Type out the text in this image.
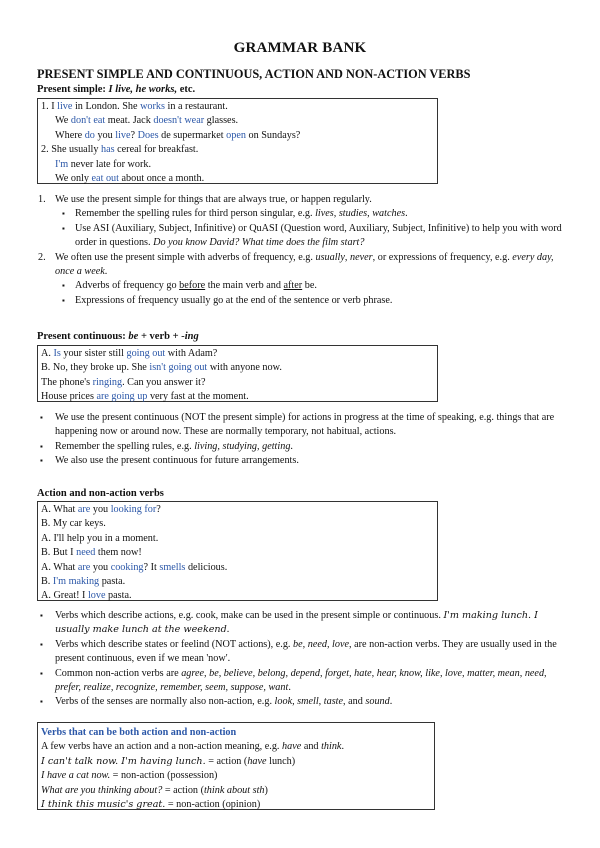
GRAMMAR BANK
PRESENT SIMPLE AND CONTINUOUS, ACTION AND NON-ACTION VERBS
Present simple: I live, he works, etc.
1. I live in London. She works in a restaurant.
We don't eat meat. Jack doesn't wear glasses.
Where do you live? Does de supermarket open on Sundays?
2. She usually has cereal for breakfast.
I'm never late for work.
We only eat out about once a month.
1. We use the present simple for things that are always true, or happen regularly.
▪ Remember the spelling rules for third person singular, e.g. lives, studies, watches.
▪ Use ASI (Auxiliary, Subject, Infinitive) or QuASI (Question word, Auxiliary, Subject, Infinitive) to help you with word order in questions. Do you know David? What time does the film start?
2. We often use the present simple with adverbs of frequency, e.g. usually, never, or expressions of frequency, e.g. every day, once a week.
▪ Adverbs of frequency go before the main verb and after be.
▪ Expressions of frequency usually go at the end of the sentence or verb phrase.
Present continuous: be + verb + -ing
A. Is your sister still going out with Adam?
B. No, they broke up. She isn't going out with anyone now.
The phone's ringing. Can you answer it?
House prices are going up very fast at the moment.
▪ We use the present continuous (NOT the present simple) for actions in progress at the time of speaking, e.g. things that are happening now or around now. These are normally temporary, not habitual, actions.
▪ Remember the spelling rules, e.g. living, studying, getting.
▪ We also use the present continuous for future arrangements.
Action and non-action verbs
A. What are you looking for?
B. My car keys.
A. I'll help you in a moment.
B. But I need them now!
A. What are you cooking? It smells delicious.
B. I'm making pasta.
A. Great! I love pasta.
▪ Verbs which describe actions, e.g. cook, make can be used in the present simple or continuous. I'm making lunch. I usually make lunch at the weekend.
▪ Verbs which describe states or feelind (NOT actions), e.g. be, need, love, are non-action verbs. They are usually used in the present continuous, even if we mean 'now'.
▪ Common non-action verbs are agree, be, believe, belong, depend, forget, hate, hear, know, like, love, matter, mean, need, prefer, realize, recognize, remember, seem, suppose, want.
▪ Verbs of the senses are normally also non-action, e.g. look, smell, taste, and sound.
Verbs that can be both action and non-action
A few verbs have an action and a non-action meaning, e.g. have and think.
I can't talk now. I'm having lunch. = action (have lunch)
I have a cat now. = non-action (possession)
What are you thinking about? = action (think about sth)
I think this music's great. = non-action (opinion)
